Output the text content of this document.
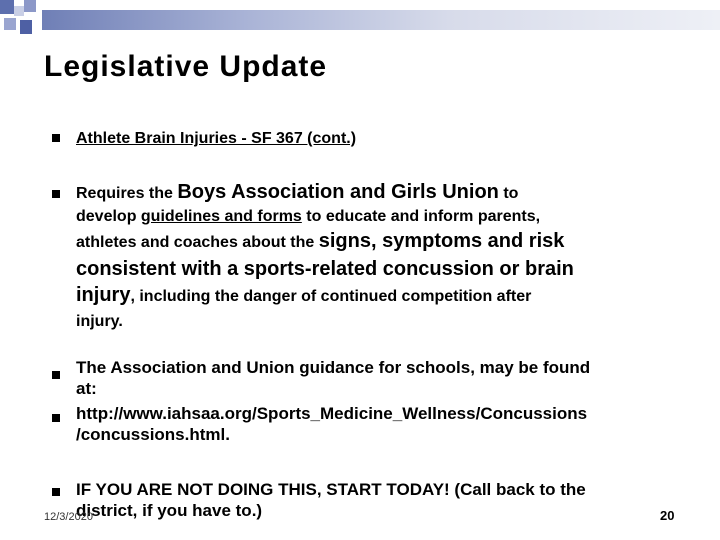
Legislative Update
Athlete Brain Injuries - SF 367 (cont.)
Requires the Boys Association and Girls Union to
develop guidelines and forms to educate and inform parents,
athletes and coaches about the signs, symptoms and risk
consistent with a sports-related concussion or brain
injury, including the danger of continued competition after
injury.
The Association and Union guidance for schools, may be found
at:
http://www.iahsaa.org/Sports_Medicine_Wellness/Concussions
/concussions.html.
IF YOU ARE NOT DOING THIS, START TODAY! (Call back to the
district, if you have to.)
12/3/2020	20
